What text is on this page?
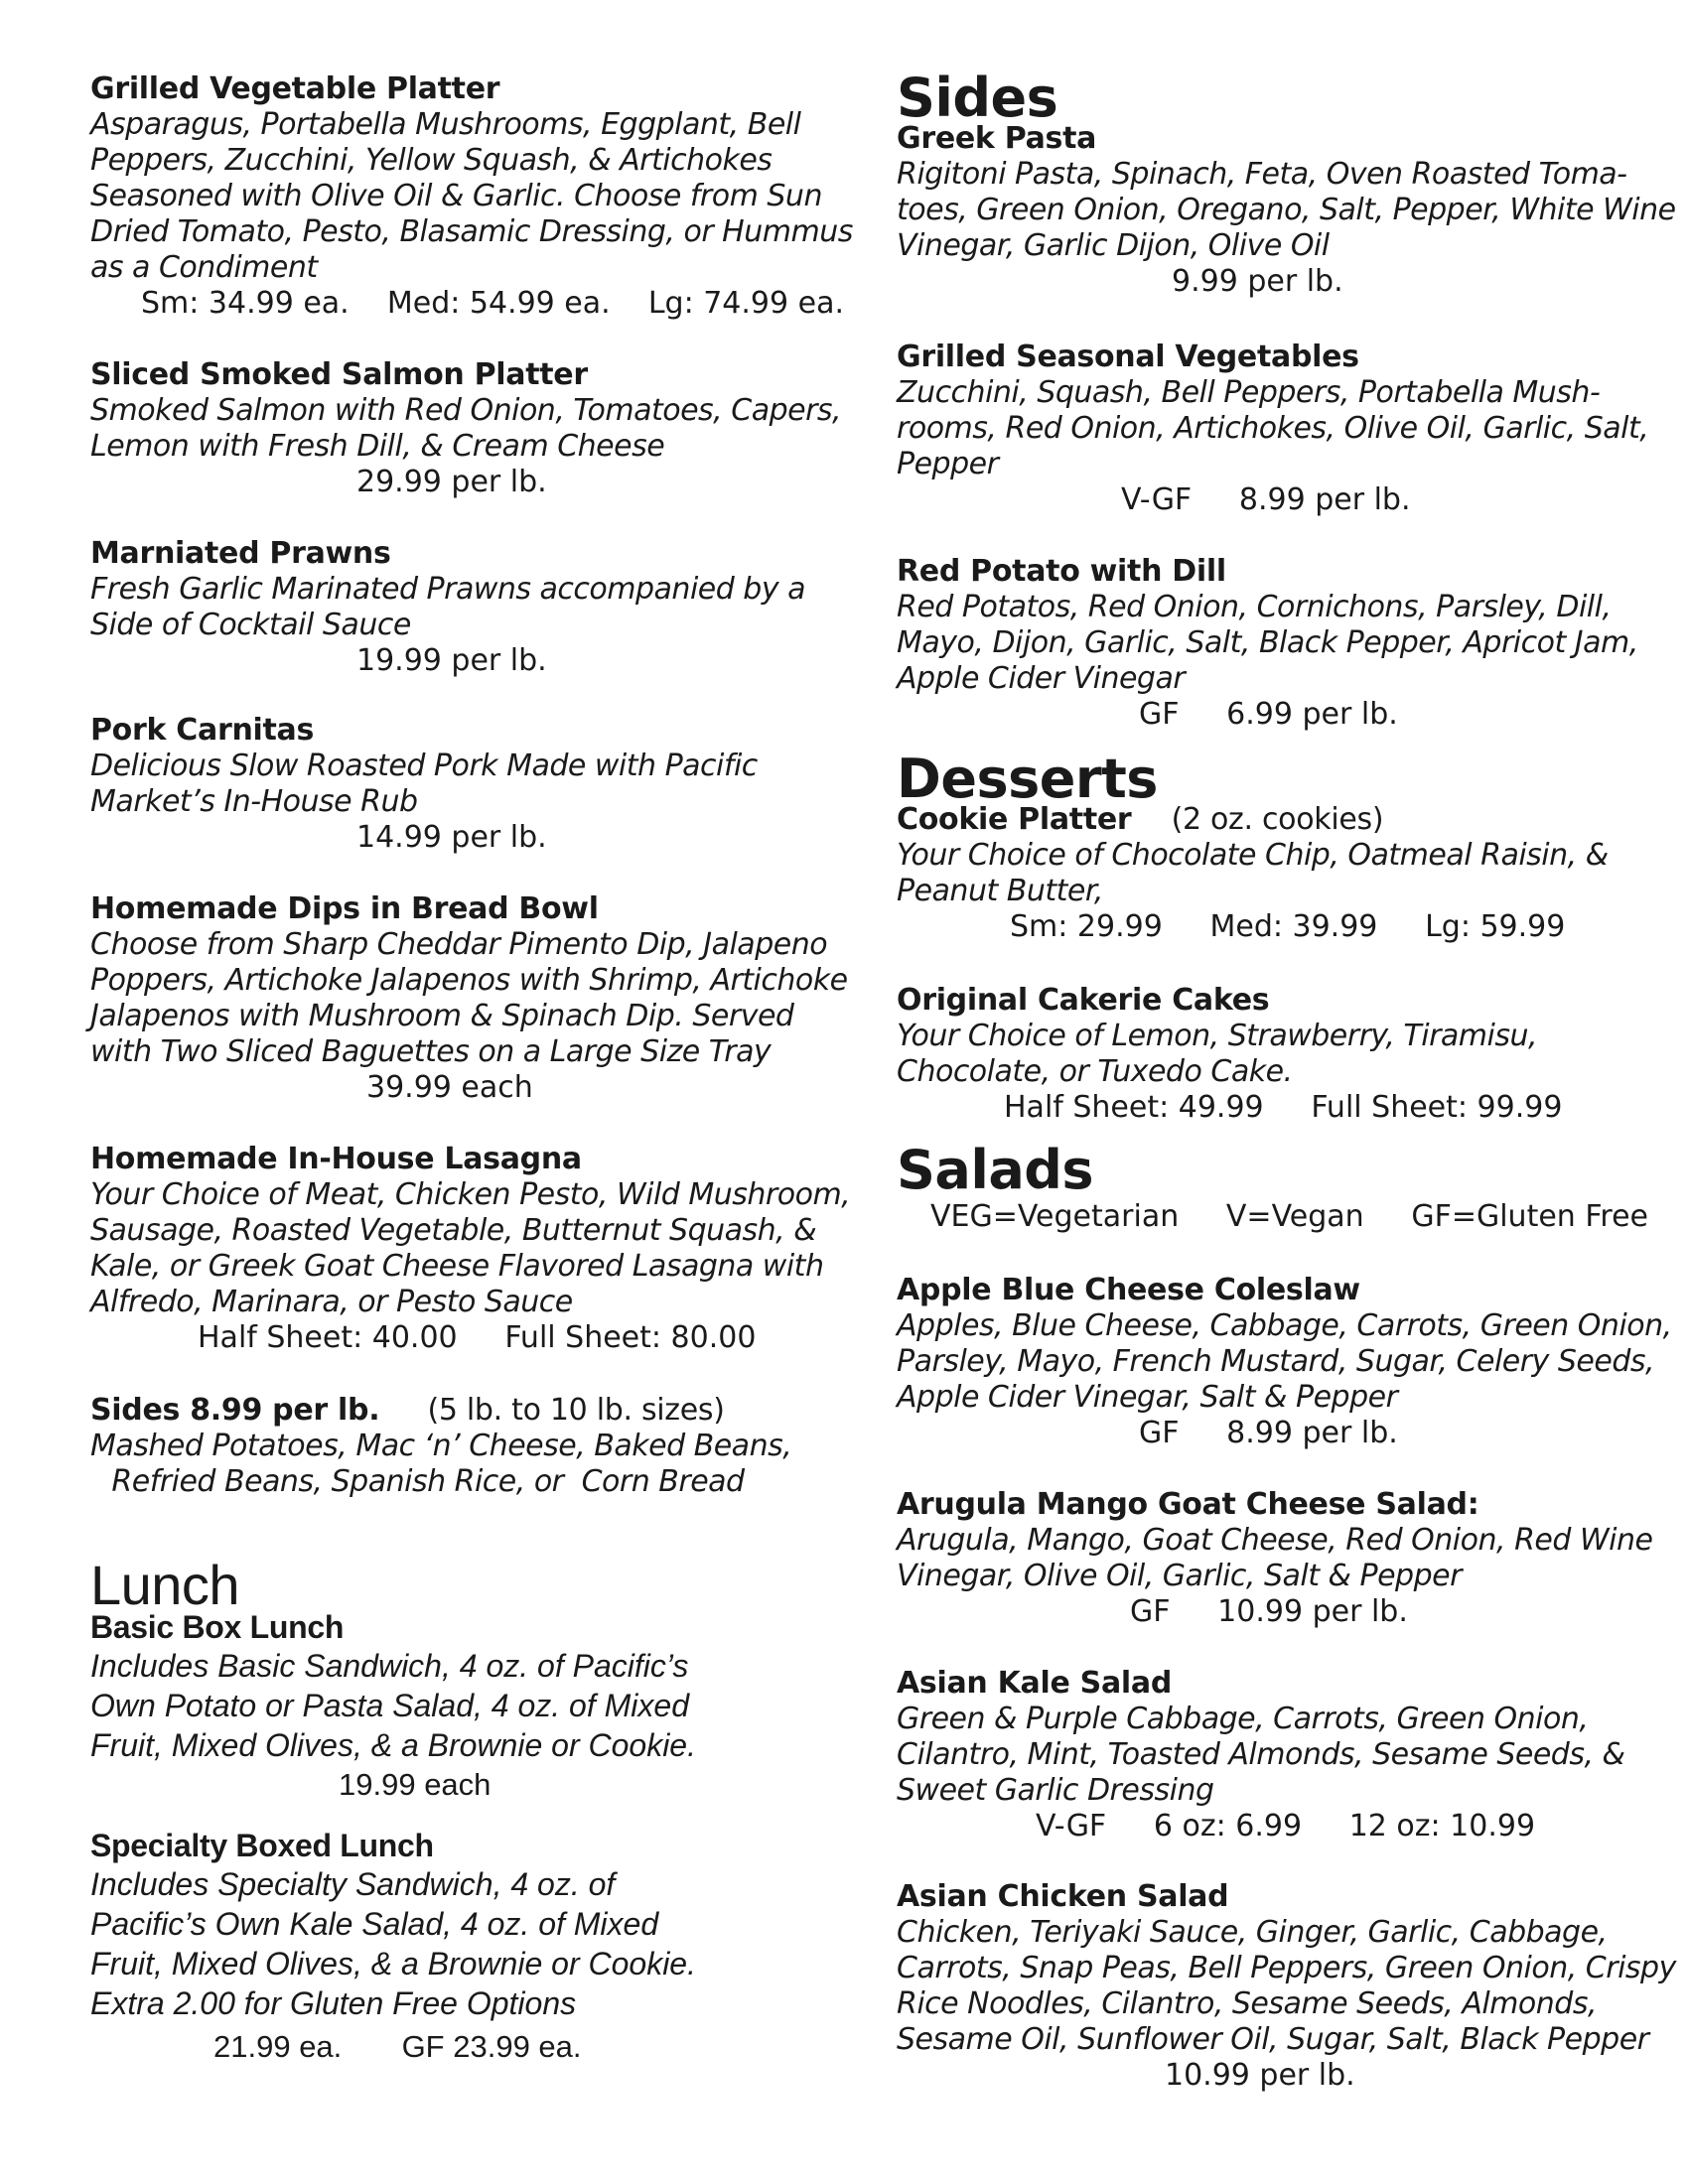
Grilled Vegetable Platter
Asparagus, Portabella Mushrooms, Eggplant, Bell
Peppers, Zucchini, Yellow Squash, & Artichokes
Seasoned with Olive Oil & Garlic. Choose from Sun
Dried Tomato, Pesto, Blasamic Dressing, or Hummus
as a Condiment
Sm: 34.99 ea.    Med: 54.99 ea.    Lg: 74.99 ea.
Sliced Smoked Salmon Platter
Smoked Salmon with Red Onion, Tomatoes, Capers,
Lemon with Fresh Dill, & Cream Cheese
29.99 per lb.
Marniated Prawns
Fresh Garlic Marinated Prawns accompanied by a
Side of Cocktail Sauce
19.99 per lb.
Pork Carnitas
Delicious Slow Roasted Pork Made with Pacific
Market’s In-House Rub
14.99 per lb.
Homemade Dips in Bread Bowl
Choose from Sharp Cheddar Pimento Dip, Jalapeno
Poppers, Artichoke Jalapenos with Shrimp, Artichoke
Jalapenos with Mushroom & Spinach Dip. Served
with Two Sliced Baguettes on a Large Size Tray
39.99 each
Homemade In-House Lasagna
Your Choice of Meat, Chicken Pesto, Wild Mushroom,
Sausage, Roasted Vegetable, Butternut Squash, &
Kale, or Greek Goat Cheese Flavored Lasagna with
Alfredo, Marinara, or Pesto Sauce
Half Sheet: 40.00     Full Sheet: 80.00
Sides 8.99 per lb. (5 lb. to 10 lb. sizes)
Mashed Potatoes, Mac ‘n’ Cheese, Baked Beans,
Refried Beans, Spanish Rice, or  Corn Bread
Lunch
Basic Box Lunch
Includes Basic Sandwich, 4 oz. of Pacific’s
Own Potato or Pasta Salad, 4 oz. of Mixed
Fruit, Mixed Olives, & a Brownie or Cookie.
19.99 each
Specialty Boxed Lunch
Includes Specialty Sandwich, 4 oz. of
Pacific’s Own Kale Salad, 4 oz. of Mixed
Fruit, Mixed Olives, & a Brownie or Cookie.
Extra 2.00 for Gluten Free Options
21.99 ea.       GF 23.99 ea.
Sides
Greek Pasta
Rigitoni Pasta, Spinach, Feta, Oven Roasted Toma-
toes, Green Onion, Oregano, Salt, Pepper, White Wine
Vinegar, Garlic Dijon, Olive Oil
9.99 per lb.
Grilled Seasonal Vegetables
Zucchini, Squash, Bell Peppers, Portabella Mush-
rooms, Red Onion, Artichokes, Olive Oil, Garlic, Salt,
Pepper
V-GF     8.99 per lb.
Red Potato with Dill
Red Potatos, Red Onion, Cornichons, Parsley, Dill,
Mayo, Dijon, Garlic, Salt, Black Pepper, Apricot Jam,
Apple Cider Vinegar
GF     6.99 per lb.
Desserts
Cookie Platter (2 oz. cookies)
Your Choice of Chocolate Chip, Oatmeal Raisin, &
Peanut Butter,
Sm: 29.99     Med: 39.99     Lg: 59.99
Original Cakerie Cakes
Your Choice of Lemon, Strawberry, Tiramisu,
Chocolate, or Tuxedo Cake.
Half Sheet: 49.99     Full Sheet: 99.99
Salads
VEG=Vegetarian     V=Vegan     GF=Gluten Free
Apple Blue Cheese Coleslaw
Apples, Blue Cheese, Cabbage, Carrots, Green Onion,
Parsley, Mayo, French Mustard, Sugar, Celery Seeds,
Apple Cider Vinegar, Salt & Pepper
GF     8.99 per lb.
Arugula Mango Goat Cheese Salad:
Arugula, Mango, Goat Cheese, Red Onion, Red Wine
Vinegar, Olive Oil, Garlic, Salt & Pepper
GF     10.99 per lb.
Asian Kale Salad
Green & Purple Cabbage, Carrots, Green Onion,
Cilantro, Mint, Toasted Almonds, Sesame Seeds, &
Sweet Garlic Dressing
V-GF     6 oz: 6.99     12 oz: 10.99
Asian Chicken Salad
Chicken, Teriyaki Sauce, Ginger, Garlic, Cabbage,
Carrots, Snap Peas, Bell Peppers, Green Onion, Crispy
Rice Noodles, Cilantro, Sesame Seeds, Almonds,
Sesame Oil, Sunflower Oil, Sugar, Salt, Black Pepper
10.99 per lb.
